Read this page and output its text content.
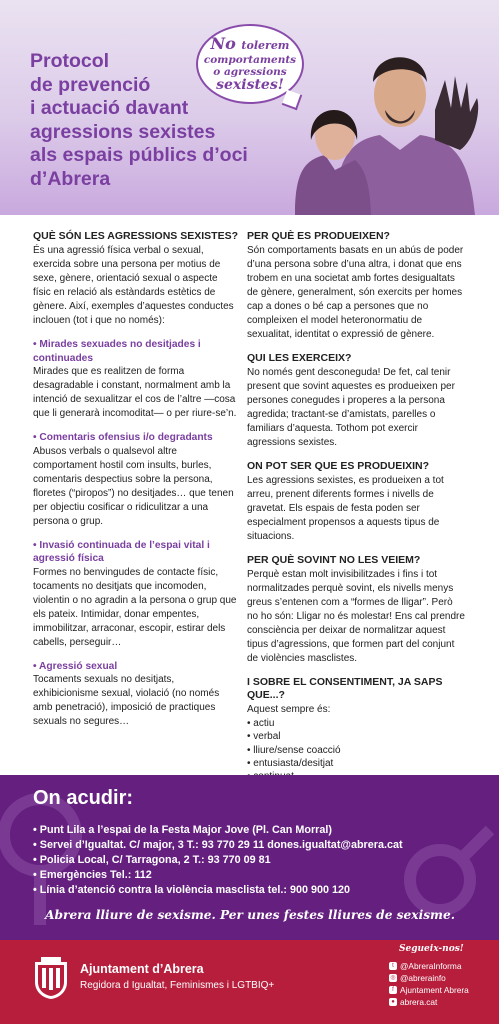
Protocol
de prevenció
i actuació davant
agressions sexistes
als espais públics d’oci
d’Abrera
No tolerem
comportaments
o agressions
sexistes!
QUÈ SÓN LES AGRESSIONS SEXISTES?

És una agressió física verbal o sexual, exercida sobre una persona per motius de sexe, gènere, orientació sexual o aspecte físic en relació als estàndards estètics de gènere. Així, exemples d’aquestes conductes inclouen (tot i que no només):

• Mirades sexuades no desitjades i continuades

Mirades que es realitzen de forma desagradable i constant, normalment amb la intenció de sexualitzar el cos de l’altre —cosa que li generarà incomoditat— o per riure-se’n.

• Comentaris ofensius i/o degradants

Abusos verbals o qualsevol altre comportament hostil com insults, burles, comentaris despectius sobre la persona, floretes (“piropos”) no desitjades… que tenen per objectiu cosificar o ridiculitzar a una persona o grup.

• Invasió continuada de l’espai vital i agressió física

Formes no benvingudes de contacte físic, tocaments no desitjats que incomoden, violentin o no agradin a la persona o grup que els pateix. Intimidar, donar empentes, immobilitzar, arraconar, escopir, estirar dels cabells, perseguir…

• Agressió sexual

Tocaments sexuals no desitjats, exhibicionisme sexual, violació (no només amb penetració), imposició de practiques sexuals no segures…

PER QUÈ ES PRODUEIXEN?

Són comportaments basats en un abús de poder d’una persona sobre d’una altra, i donat que ens trobem en una societat amb fortes desigualtats de gènere, generalment, són exercits per homes cap a dones o bé cap a persones que no compleixen el model heteronormatiu de sexualitat, identitat o expressió de gènere.

QUI LES EXERCEIX?

No només gent desconeguda! De fet, cal tenir present que sovint aquestes es produeixen per persones conegudes i properes a la persona agredida; tractant-se d’amistats, parelles o familiars d’aquesta. Tothom pot exercir agressions sexistes.

ON POT SER QUE ES PRODUEIXIN?

Les agressions sexistes, es produeixen a tot arreu, prenent diferents formes i nivells de gravetat. Els espais de festa poden ser especialment propensos a aquests tipus de situacions.

PER QUÈ SOVINT NO LES VEIEM?

Perquè estan molt invisibilitzades i fins i tot normalitzades perquè sovint, els nivells menys greus s’entenen com a “formes de lligar”. Però no ho són: Lligar no és molestar! Ens cal prendre consciència per deixar de normalitzar aquest tipus d’agressions, que formen part del conjunt de violències masclistes.

I SOBRE EL CONSENTIMENT, JA SAPS QUE...?

Aquest sempre és:

• actiu
• verbal
• lliure/sense coacció
• entusiasta/desitjat
•
•
On acudir:
• Punt Lila a l’espai de la Festa Major Jove (Pl. Can Morral)
• Servei d’Igualtat. C/ major, 3 T.: 93 770 29 11 dones.igualtat@abrera.cat
• Policia Local, C/ Tarragona, 2 T.: 93 770 09 81
• Emergències Tel.: 112
• Línia d’atenció contra la violència masclista tel.: 900 900 120
Abrera lliure de sexisme. Per unes festes lliures de sexisme.
Ajuntament d’Abrera
Regidora d Igualtat, Feminismes i LGTBIQ+
Segueix-nos!
t @AbreraInforma
◎ @abrerainfo
f Ajuntament Abrera
● abrera.cat
